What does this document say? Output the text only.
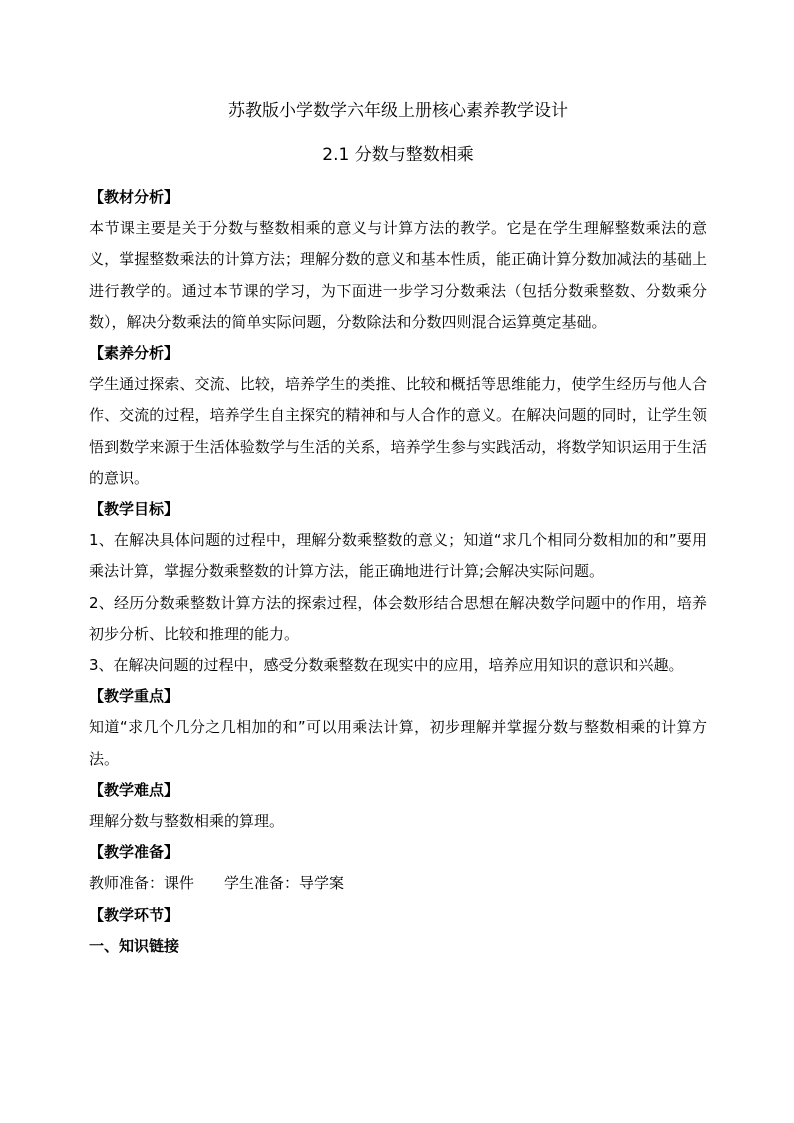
苏教版小学数学六年级上册核心素养教学设计
2.1 分数与整数相乘
【教材分析】

本节课主要是关于分数与整数相乘的意义与计算方法的教学。它是在学生理解整数乘法的意义，掌握整数乘法的计算方法；理解分数的意义和基本性质，能正确计算分数加减法的基础上进行教学的。通过本节课的学习，为下面进一步学习分数乘法（包括分数乘整数、分数乘分数），解决分数乘法的简单实际问题，分数除法和分数四则混合运算奠定基础。

【素养分析】

学生通过探索、交流、比较，培养学生的类推、比较和概括等思维能力，使学生经历与他人合作、交流的过程，培养学生自主探究的精神和与人合作的意义。在解决问题的同时，让学生领悟到数学来源于生活体验数学与生活的关系，培养学生参与实践活动，将数学知识运用于生活的意识。

【教学目标】

1、在解决具体问题的过程中，理解分数乘整数的意义；知道“求几个相同分数相加的和”要用乘法计算，掌握分数乘整数的计算方法，能正确地进行计算;会解决实际问题。

2、经历分数乘整数计算方法的探索过程，体会数形结合思想在解决数学问题中的作用，培养初步分析、比较和推理的能力。

3、在解决问题的过程中，感受分数乘整数在现实中的应用，培养应用知识的意识和兴趣。

【教学重点】

知道“求几个几分之几相加的和”可以用乘法计算，初步理解并掌握分数与整数相乘的计算方法。

【教学难点】

理解分数与整数相乘的算理。

【教学准备】
教师准备：课件 学生准备：导学案
【教学环节】
一、知识链接
